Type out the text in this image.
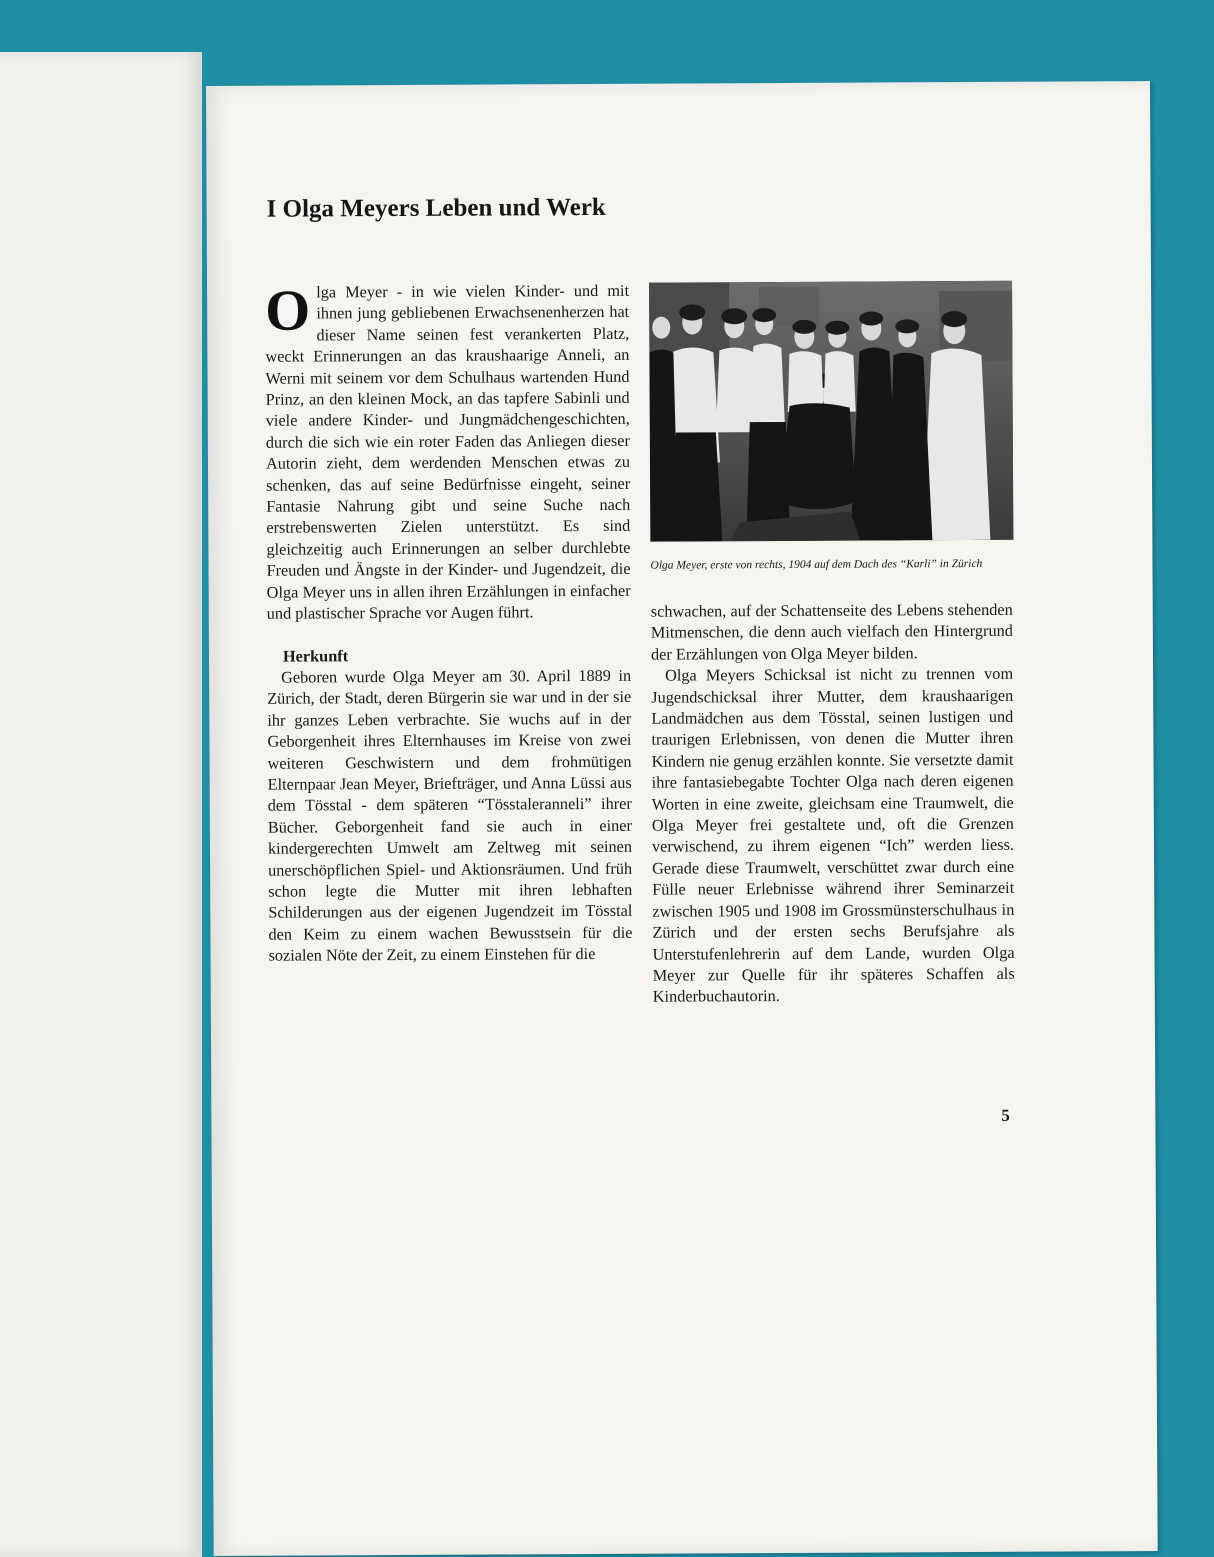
I Olga Meyers Leben und Werk

Olga Meyer - in wie vielen Kinder- und mit ihnen jung gebliebenen Erwachsenenherzen hat dieser Name seinen fest verankerten Platz, weckt Erinnerungen an das kraushaarige Anneli, an Werni mit seinem vor dem Schulhaus wartenden Hund Prinz, an den kleinen Mock, an das tapfere Sabinli und viele andere Kinder- und Jungmädchengeschichten, durch die sich wie ein roter Faden das Anliegen dieser Autorin zieht, dem werdenden Menschen etwas zu schenken, das auf seine Bedürfnisse eingeht, seiner Fantasie Nahrung gibt und seine Suche nach erstrebenswerten Zielen unterstützt. Es sind gleichzeitig auch Erinnerungen an selber durchlebte Freuden und Ängste in der Kinder- und Jugendzeit, die Olga Meyer uns in allen ihren Erzählungen in einfacher und plastischer Sprache vor Augen führt.

Herkunft

Geboren wurde Olga Meyer am 30. April 1889 in Zürich, der Stadt, deren Bürgerin sie war und in der sie ihr ganzes Leben verbrachte. Sie wuchs auf in der Geborgenheit ihres Elternhauses im Kreise von zwei weiteren Geschwistern und dem frohmütigen Elternpaar Jean Meyer, Briefträger, und Anna Lüssi aus dem Tösstal - dem späteren “Tösstaleranneli” ihrer Bücher. Geborgenheit fand sie auch in einer kindergerechten Umwelt am Zeltweg mit seinen unerschöpflichen Spiel- und Aktionsräumen. Und früh schon legte die Mutter mit ihren lebhaften Schilderungen aus der eigenen Jugendzeit im Tösstal den Keim zu einem wachen Bewusstsein für die sozialen Nöte der Zeit, zu einem Einstehen für die

Olga Meyer, erste von rechts, 1904 auf dem Dach des “Karli” in Zürich

schwachen, auf der Schattenseite des Lebens stehenden Mitmenschen, die denn auch vielfach den Hintergrund der Erzählungen von Olga Meyer bilden.

Olga Meyers Schicksal ist nicht zu trennen vom Jugendschicksal ihrer Mutter, dem kraushaarigen Landmädchen aus dem Tösstal, seinen lustigen und traurigen Erlebnissen, von denen die Mutter ihren Kindern nie genug erzählen konnte. Sie versetzte damit ihre fantasiebegabte Tochter Olga nach deren eigenen Worten in eine zweite, gleichsam eine Traumwelt, die Olga Meyer frei gestaltete und, oft die Grenzen verwischend, zu ihrem eigenen “Ich” werden liess. Gerade diese Traumwelt, verschüttet zwar durch eine Fülle neuer Erlebnisse während ihrer Seminarzeit zwischen 1905 und 1908 im Grossmünsterschulhaus in Zürich und der ersten sechs Berufsjahre als Unterstufenlehrerin auf dem Lande, wurden Olga Meyer zur Quelle für ihr späteres Schaffen als Kinderbuchautorin.

5
